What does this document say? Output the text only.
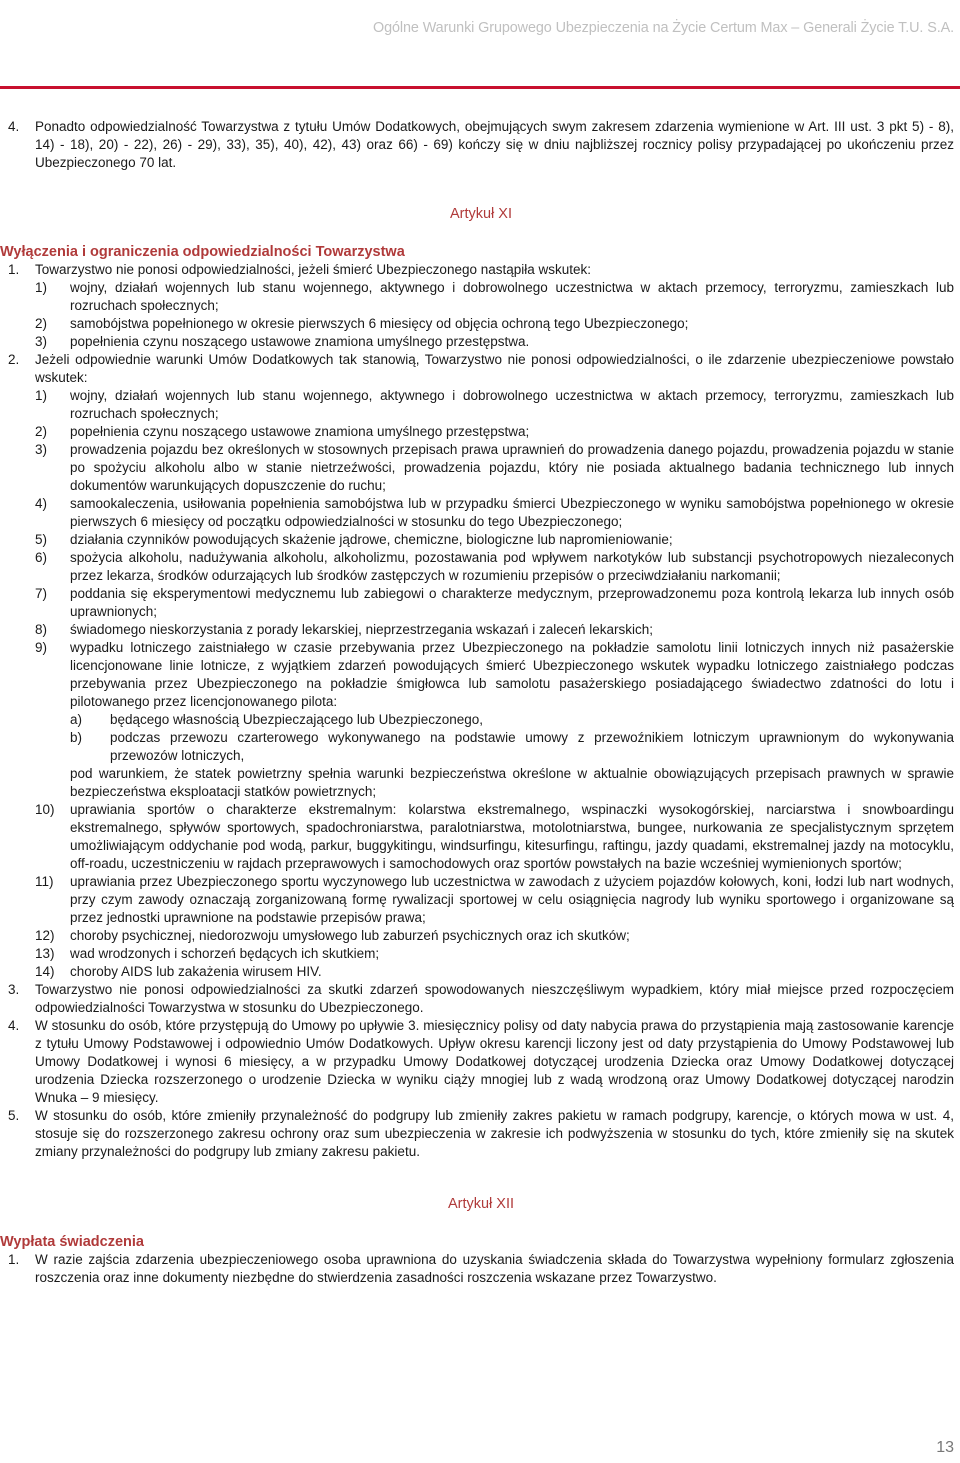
Ogólne Warunki Grupowego Ubezpieczenia na Życie Certum Max – Generali Życie T.U. S.A.
4. Ponadto odpowiedzialność Towarzystwa z tytułu Umów Dodatkowych, obejmujących swym zakresem zdarzenia wymienione w Art. III ust. 3 pkt 5) - 8), 14) - 18), 20) - 22), 26) - 29), 33), 35), 40), 42), 43) oraz 66) - 69) kończy się w dniu najbliższej rocznicy polisy przypadającej po ukończeniu przez Ubezpieczonego 70 lat.
Artykuł XI
Wyłączenia i ograniczenia odpowiedzialności Towarzystwa
1. Towarzystwo nie ponosi odpowiedzialności, jeżeli śmierć Ubezpieczonego nastąpiła wskutek:
1) wojny, działań wojennych lub stanu wojennego, aktywnego i dobrowolnego uczestnictwa w aktach przemocy, terroryzmu, zamieszkach lub rozruchach społecznych;
2) samobójstwa popełnionego w okresie pierwszych 6 miesięcy od objęcia ochroną tego Ubezpieczonego;
3) popełnienia czynu noszącego ustawowe znamiona umyślnego przestępstwa.
2. Jeżeli odpowiednie warunki Umów Dodatkowych tak stanowią, Towarzystwo nie ponosi odpowiedzialności, o ile zdarzenie ubezpieczeniowe powstało wskutek:
1) wojny, działań wojennych lub stanu wojennego, aktywnego i dobrowolnego uczestnictwa w aktach przemocy, terroryzmu, zamieszkach lub rozruchach społecznych;
2) popełnienia czynu noszącego ustawowe znamiona umyślnego przestępstwa;
3) prowadzenia pojazdu bez określonych w stosownych przepisach prawa uprawnień do prowadzenia danego pojazdu, prowadzenia pojazdu w stanie po spożyciu alkoholu albo w stanie nietrzeźwości, prowadzenia pojazdu, który nie posiada aktualnego badania technicznego lub innych dokumentów warunkujących dopuszczenie do ruchu;
4) samookaleczenia, usiłowania popełnienia samobójstwa lub w przypadku śmierci Ubezpieczonego w wyniku samobójstwa popełnionego w okresie pierwszych 6 miesięcy od początku odpowiedzialności w stosunku do tego Ubezpieczonego;
5) działania czynników powodujących skażenie jądrowe, chemiczne, biologiczne lub napromieniowanie;
6) spożycia alkoholu, nadużywania alkoholu, alkoholizmu, pozostawania pod wpływem narkotyków lub substancji psychotropowych niezaleconych przez lekarza, środków odurzających lub środków zastępczych w rozumieniu przepisów o przeciwdziałaniu narkomanii;
7) poddania się eksperymentowi medycznemu lub zabiegowi o charakterze medycznym, przeprowadzonemu poza kontrolą lekarza lub innych osób uprawnionych;
8) świadomego nieskorzystania z porady lekarskiej, nieprzestrzegania wskazań i zaleceń lekarskich;
9) wypadku lotniczego zaistniałego w czasie przebywania przez Ubezpieczonego na pokładzie samolotu linii lotniczych innych niż pasażerskie licencjonowane linie lotnicze, z wyjątkiem zdarzeń powodujących śmierć Ubezpieczonego wskutek wypadku lotniczego zaistniałego podczas przebywania przez Ubezpieczonego na pokładzie śmigłowca lub samolotu pasażerskiego posiadającego świadectwo zdatności do lotu i pilotowanego przez licencjonowanego pilota:
a) będącego własnością Ubezpieczającego lub Ubezpieczonego,
b) podczas przewozu czarterowego wykonywanego na podstawie umowy z przewoźnikiem lotniczym uprawnionym do wykonywania przewozów lotniczych,
pod warunkiem, że statek powietrzny spełnia warunki bezpieczeństwa określone w aktualnie obowiązujących przepisach prawnych w sprawie bezpieczeństwa eksploatacji statków powietrznych;
10) uprawiania sportów o charakterze ekstremalnym: kolarstwa ekstremalnego, wspinaczki wysokogórskiej, narciarstwa i snowboardingu ekstremalnego, spływów sportowych, spadochroniarstwa, paralotniarstwa, motolotniarstwa, bungee, nurkowania ze specjalistycznym sprzętem umożliwiającym oddychanie pod wodą, parkur, buggykitingu, windsurfingu, kitesurfingu, raftingu, jazdy quadami, ekstremalnej jazdy na motocyklu, off-roadu, uczestniczeniu w rajdach przeprawowych i samochodowych oraz sportów powstałych na bazie wcześniej wymienionych sportów;
11) uprawiania przez Ubezpieczonego sportu wyczynowego lub uczestnictwa w zawodach z użyciem pojazdów kołowych, koni, łodzi lub nart wodnych, przy czym zawody oznaczają zorganizowaną formę rywalizacji sportowej w celu osiągnięcia nagrody lub wyniku sportowego i organizowane są przez jednostki uprawnione na podstawie przepisów prawa;
12) choroby psychicznej, niedorozwoju umysłowego lub zaburzeń psychicznych oraz ich skutków;
13) wad wrodzonych i schorzeń będących ich skutkiem;
14) choroby AIDS lub zakażenia wirusem HIV.
3. Towarzystwo nie ponosi odpowiedzialności za skutki zdarzeń spowodowanych nieszczęśliwym wypadkiem, który miał miejsce przed rozpoczęciem odpowiedzialności Towarzystwa w stosunku do Ubezpieczonego.
4. W stosunku do osób, które przystępują do Umowy po upływie 3. miesięcznicy polisy od daty nabycia prawa do przystąpienia mają zastosowanie karencje z tytułu Umowy Podstawowej i odpowiednio Umów Dodatkowych. Upływ okresu karencji liczony jest od daty przystąpienia do Umowy Podstawowej lub Umowy Dodatkowej i wynosi 6 miesięcy, a w przypadku Umowy Dodatkowej dotyczącej urodzenia Dziecka oraz Umowy Dodatkowej dotyczącej urodzenia Dziecka rozszerzonego o urodzenie Dziecka w wyniku ciąży mnogiej lub z wadą wrodzoną oraz Umowy Dodatkowej dotyczącej narodzin Wnuka – 9 miesięcy.
5. W stosunku do osób, które zmieniły przynależność do podgrupy lub zmieniły zakres pakietu w ramach podgrupy, karencje, o których mowa w ust. 4, stosuje się do rozszerzonego zakresu ochrony oraz sum ubezpieczenia w zakresie ich podwyższenia w stosunku do tych, które zmieniły się na skutek zmiany przynależności do podgrupy lub zmiany zakresu pakietu.
Artykuł XII
Wypłata świadczenia
1. W razie zajścia zdarzenia ubezpieczeniowego osoba uprawniona do uzyskania świadczenia składa do Towarzystwa wypełniony formularz zgłoszenia roszczenia oraz inne dokumenty niezbędne do stwierdzenia zasadności roszczenia wskazane przez Towarzystwo.
13
